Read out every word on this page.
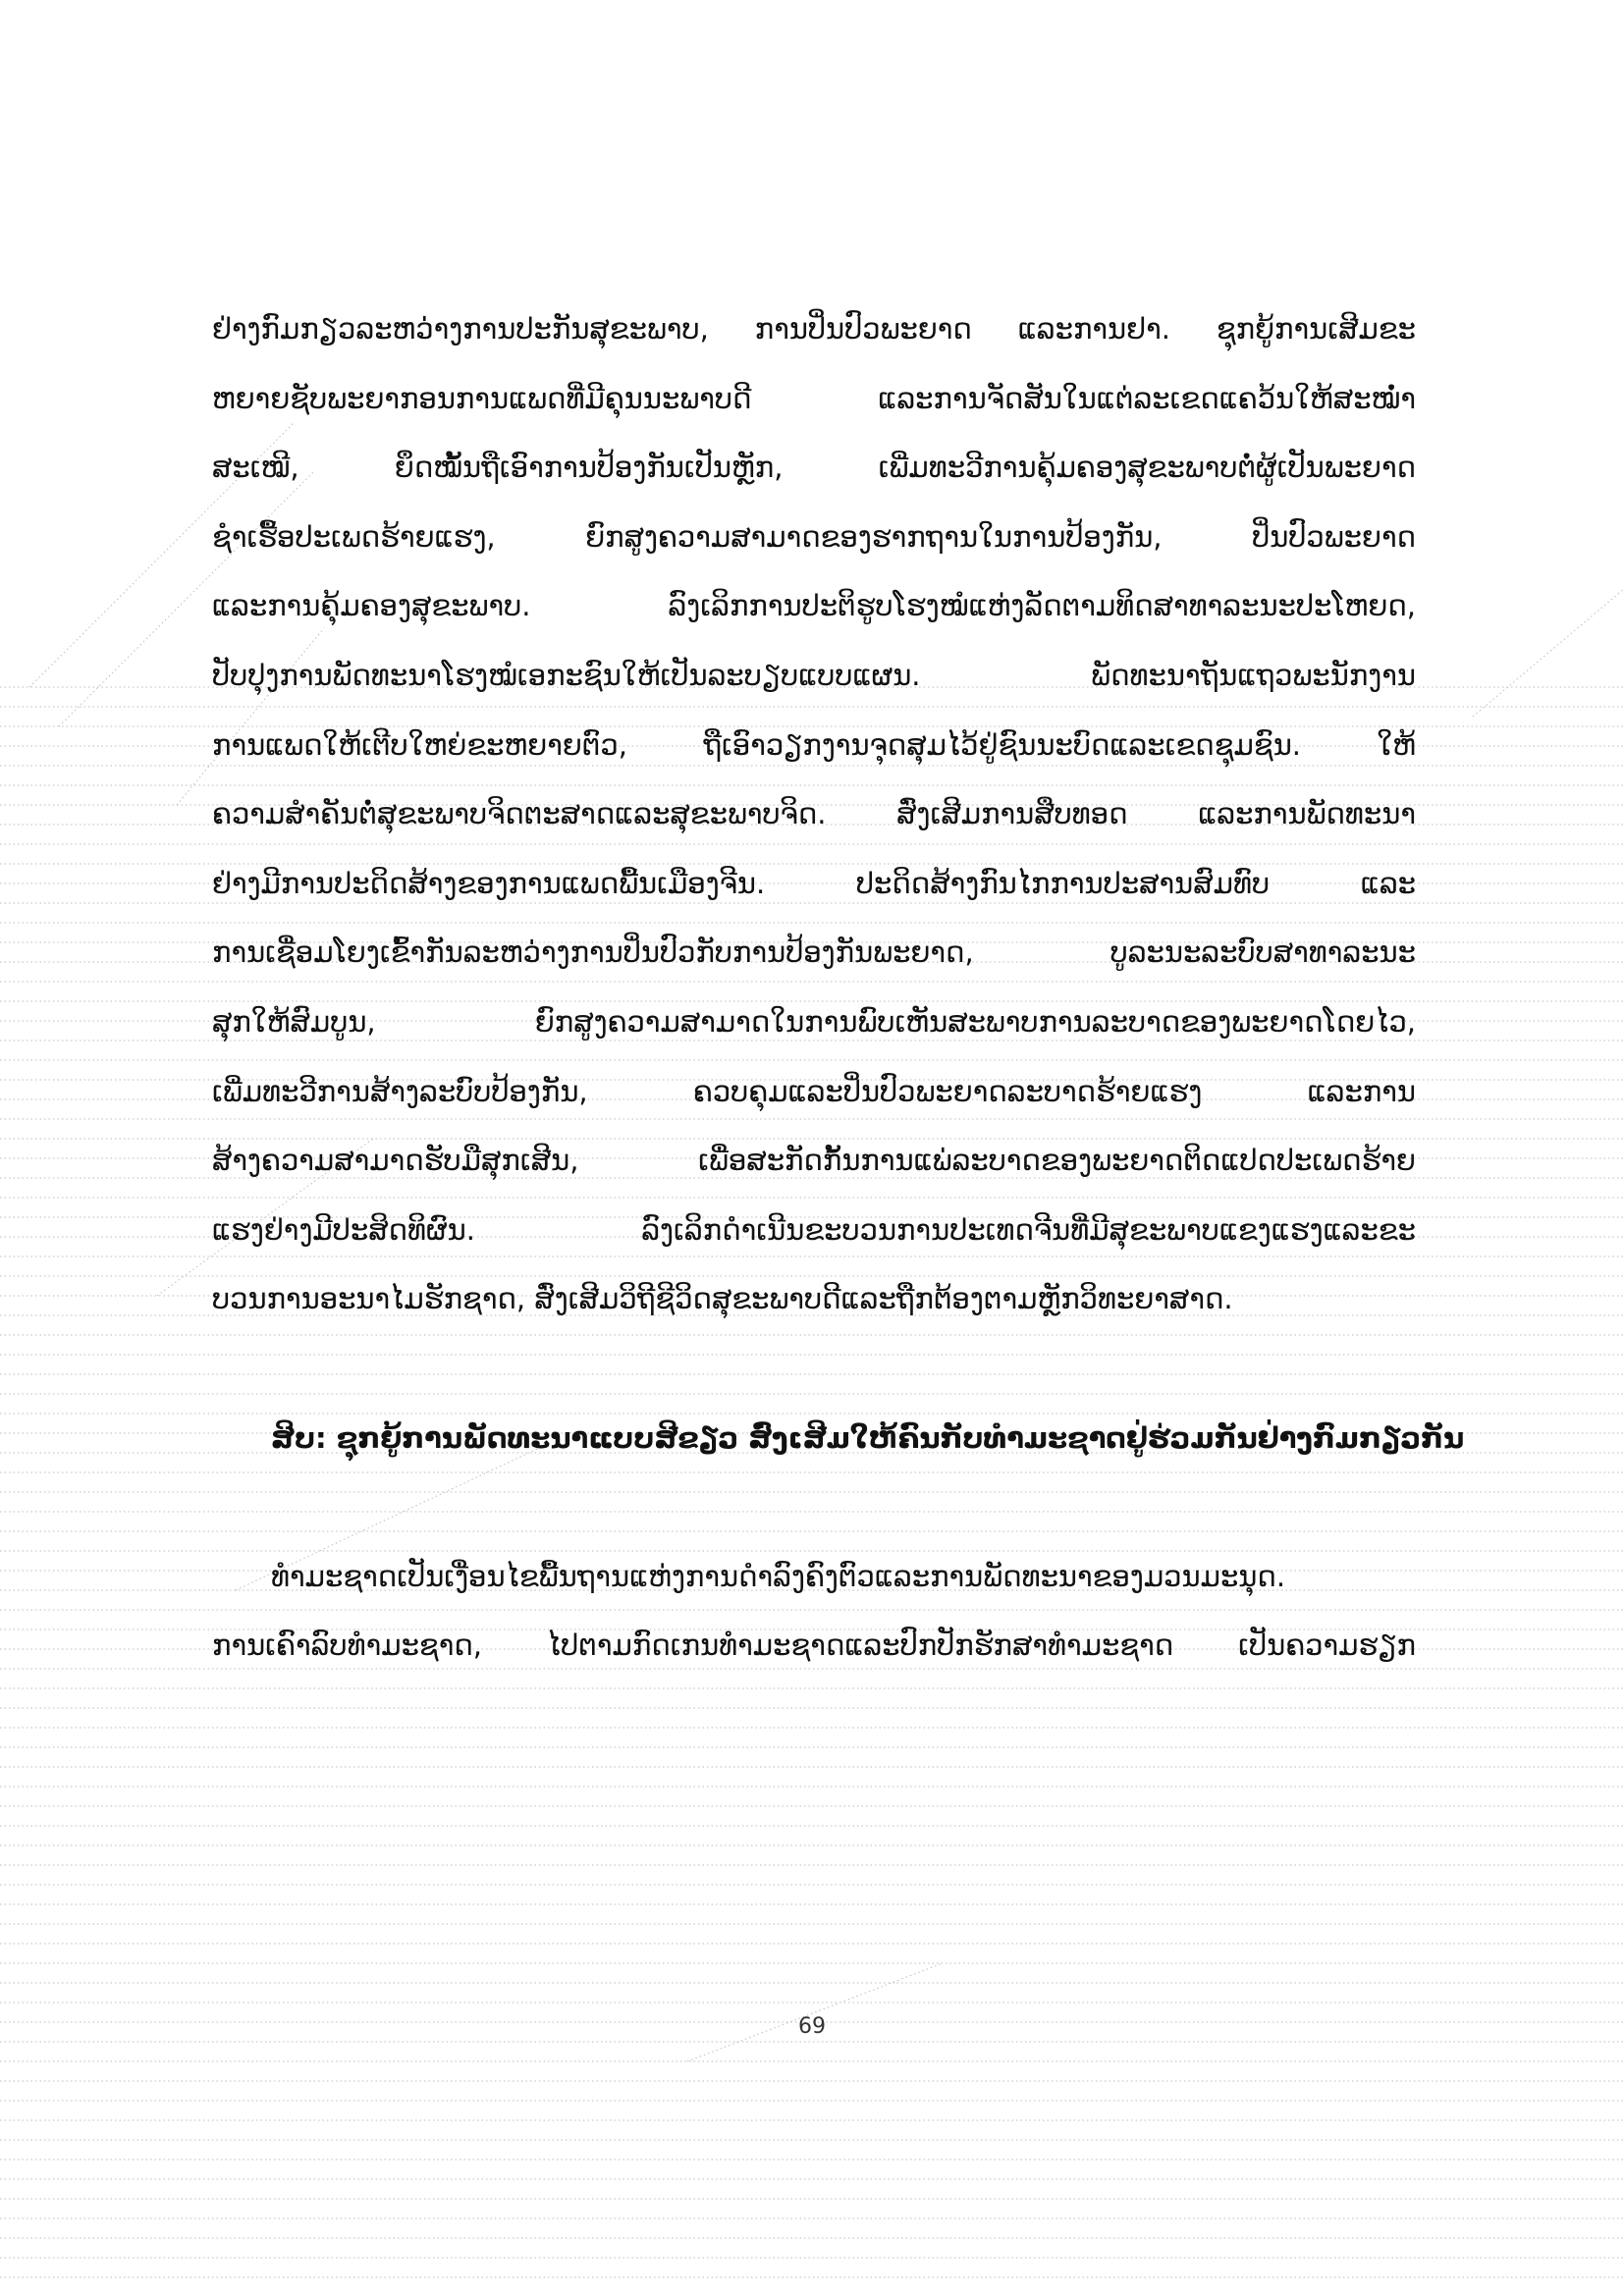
ຢ່າງກົມກຽວລະຫວ່າງການປະກັນສຸຂະພາບ, ການປິ່ນປົວພະຍາດ ແລະການຢາ. ຊຸກຍູ້ການເສີມຂະ
ຫຍາຍຊັບພະຍາກອນການແພດທີ່ມີຄຸນນະພາບດີ ແລະການຈັດສັນໃນແຕ່ລະເຂດແຄວ້ນໃຫ້ສະໝໍ່າ
ສະເໝີ, ຍຶດໝັ້ນຖືເອົາການປ້ອງກັນເປັນຫຼັກ, ເພີ່ມທະວີການຄຸ້ມຄອງສຸຂະພາບຕໍ່ຜູ້ເປັນພະຍາດ
ຊໍາເຮື້ອປະເພດຮ້າຍແຮງ, ຍົກສູງຄວາມສາມາດຂອງຮາກຖານໃນການປ້ອງກັນ, ປິ່ນປົວພະຍາດ
ແລະການຄຸ້ມຄອງສຸຂະພາບ. ລົງເລິກການປະຕິຮູບໂຮງໝໍແຫ່ງລັດຕາມທິດສາທາລະນະປະໂຫຍດ,
ປັບປຸງການພັດທະນາໂຮງໝໍເອກະຊົນໃຫ້ເປັນລະບຽບແບບແຜນ. ພັດທະນາຖັນແຖວພະນັກງານ
ການແພດໃຫ້ເຕີບໃຫຍ່ຂະຫຍາຍຕົວ, ຖືເອົາວຽກງານຈຸດສຸມໄວ້ຢູ່ຊົນນະບົດແລະເຂດຊຸມຊົນ. ໃຫ້
ຄວາມສໍາຄັນຕໍ່ສຸຂະພາບຈິດຕະສາດແລະສຸຂະພາບຈິດ. ສົ່ງເສີມການສືບທອດ ແລະການພັດທະນາ
ຢ່າງມີການປະດິດສ້າງຂອງການແພດພື້ນເມືອງຈີນ. ປະດິດສ້າງກົນໄກການປະສານສົມທົບ ແລະ
ການເຊື່ອມໂຍງເຂົ້າກັນລະຫວ່າງການປິ່ນປົວກັບການປ້ອງກັນພະຍາດ, ບູລະນະລະບົບສາທາລະນະ
ສຸກໃຫ້ສົມບູນ, ຍົກສູງຄວາມສາມາດໃນການພົບເຫັນສະພາບການລະບາດຂອງພະຍາດໂດຍໄວ,
ເພີ່ມທະວີການສ້າງລະບົບປ້ອງກັນ, ຄວບຄຸມແລະປິ່ນປົວພະຍາດລະບາດຮ້າຍແຮງ ແລະການ
ສ້າງຄວາມສາມາດຮັບມືສຸກເສີນ, ເພື່ອສະກັດກັ້ນການແພ່ລະບາດຂອງພະຍາດຕິດແປດປະເພດຮ້າຍ
ແຮງຢ່າງມີປະສິດທິຜົນ. ລົງເລິກດໍາເນີນຂະບວນການປະເທດຈີນທີ່ມີສຸຂະພາບແຂງແຮງແລະຂະ
ບວນການອະນາໄມຮັກຊາດ, ສົ່ງເສີມວິຖີຊີວິດສຸຂະພາບດີແລະຖືກຕ້ອງຕາມຫຼັກວິທະຍາສາດ.
ສິບ: ຊຸກຍູ້ການພັດທະນາແບບສີຂຽວ ສົ່ງເສີມໃຫ້ຄົນກັບທໍາມະຊາດຢູ່ຮ່ວມກັນຢ່າງກົມກຽວກັນ
ທໍາມະຊາດເປັນເງື່ອນໄຂພື້ນຖານແຫ່ງການດໍາລົງຄົງຕົວແລະການພັດທະນາຂອງມວນມະນຸດ.
ການເຄົາລົບທໍາມະຊາດ, ໄປຕາມກົດເກນທໍາມະຊາດແລະປົກປັກຮັກສາທໍາມະຊາດ ເປັນຄວາມຮຽກ
69
